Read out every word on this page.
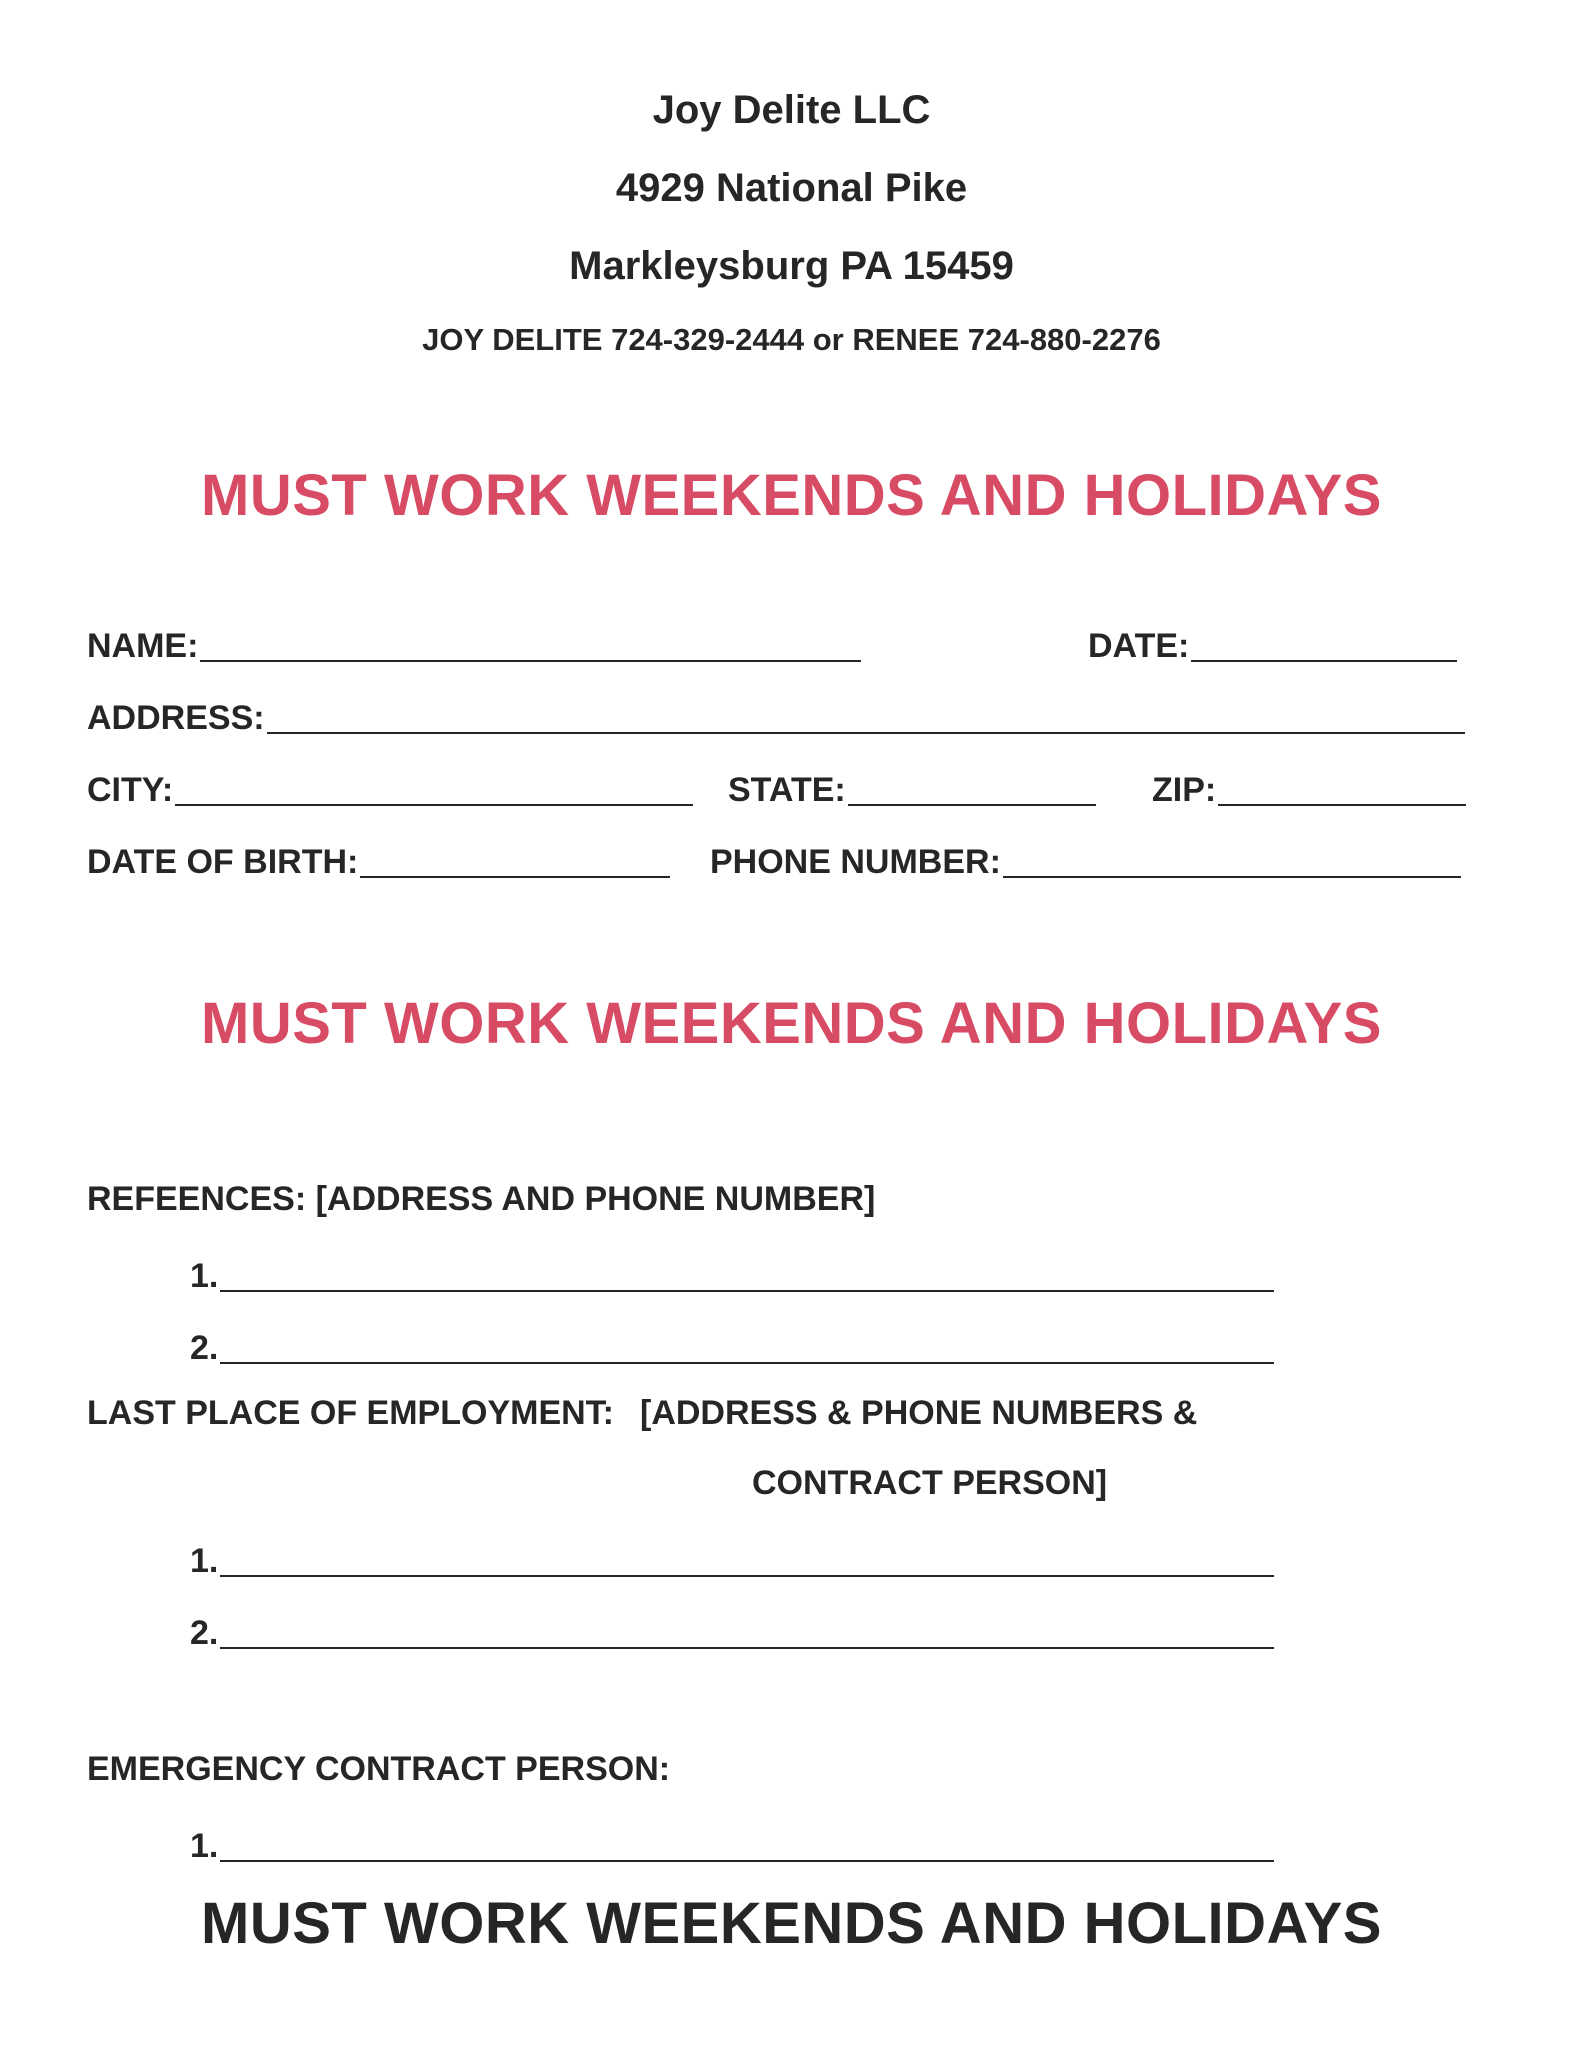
Joy Delite LLC
4929 National Pike
Markleysburg PA 15459
JOY DELITE 724-329-2444 or RENEE 724-880-2276
MUST WORK WEEKENDS AND HOLIDAYS
NAME:	DATE:
ADDRESS:
CITY:	STATE:	ZIP:
DATE OF BIRTH:	PHONE NUMBER:
MUST WORK WEEKENDS AND HOLIDAYS
REFEENCES: [ADDRESS AND PHONE NUMBER]
1.
2.
LAST PLACE OF EMPLOYMENT: [ADDRESS & PHONE NUMBERS &
CONTRACT PERSON]
1.
2.
EMERGENCY CONTRACT PERSON:
1.
MUST WORK WEEKENDS AND HOLIDAYS
